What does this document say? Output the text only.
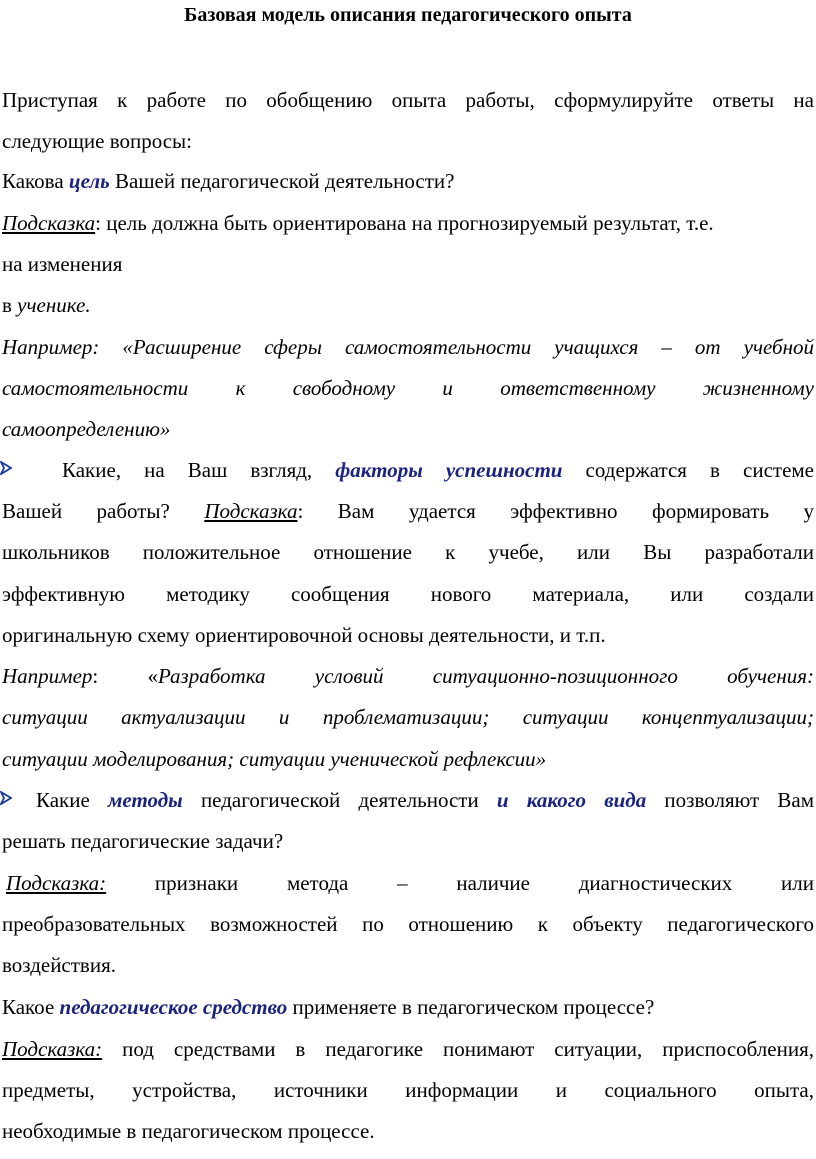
Базовая модель описания педагогического опыта
Приступая к работе по обобщению опыта работы, сформулируйте ответы на
следующие вопросы:
Какова цель Вашей педагогической деятельности?
Подсказка: цель должна быть ориентирована на прогнозируемый результат, т.е.
на изменения
в ученике.
Например: «Расширение сферы самостоятельности учащихся – от учебной
самостоятельности к свободному и ответственному жизненному
самоопределению»
Какие, на Ваш взгляд, факторы успешности содержатся в системе
Вашей работы? Подсказка: Вам удается эффективно формировать у
школьников положительное отношение к учебе, или Вы разработали
эффективную методику сообщения нового материала, или создали
оригинальную схему ориентировочной основы деятельности, и т.п.
Например: «Разработка условий ситуационно-позиционного обучения:
ситуации актуализации и проблематизации; ситуации концептуализации;
ситуации моделирования; ситуации ученической рефлексии»
Какие методы педагогической деятельности и какого вида позволяют Вам
решать педагогические задачи?
Подсказка: признаки метода – наличие диагностических или
преобразовательных возможностей по отношению к объекту педагогического
воздействия.
Какое педагогическое средство применяете в педагогическом процессе?
Подсказка: под средствами в педагогике понимают ситуации, приспособления,
предметы, устройства, источники информации и социального опыта,
необходимые в педагогическом процессе.
